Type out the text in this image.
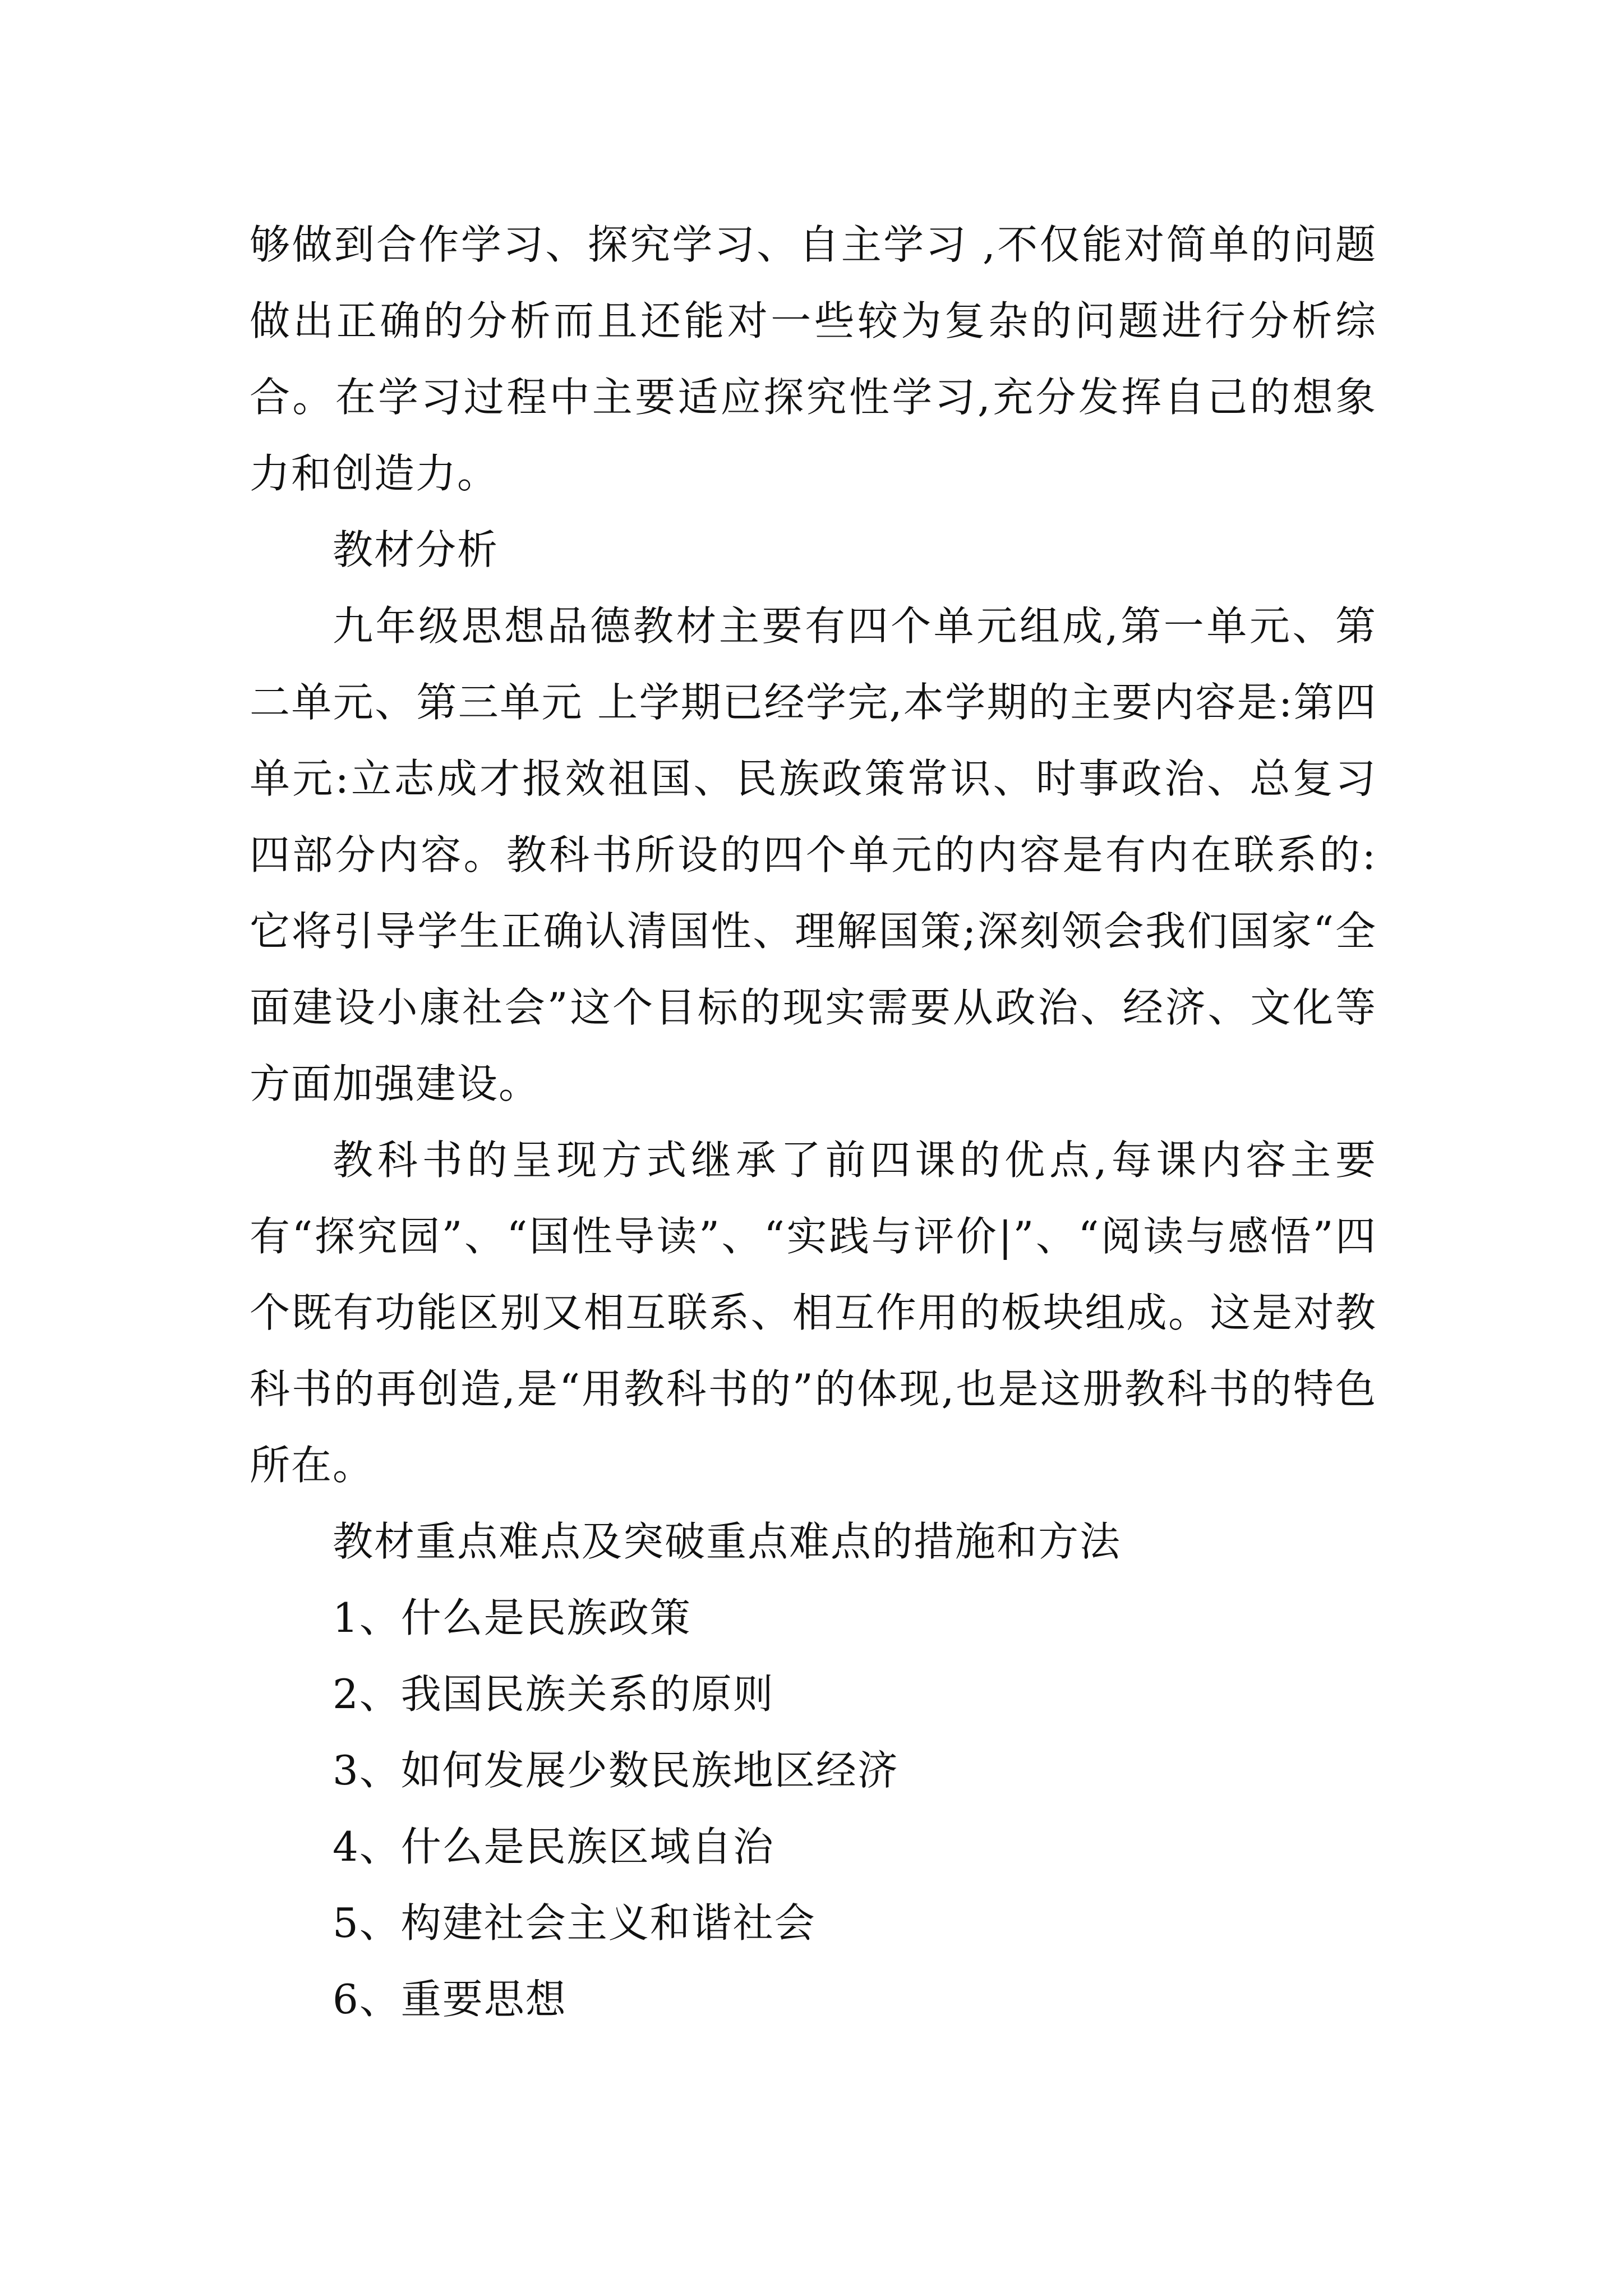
够做到合作学习、探究学习、自主学习 ,不仅能对简单的问题做出正确的分析而且还能对一些较为复杂的问题进行分析综合。在学习过程中主要适应探究性学习,充分发挥自己的想象力和创造力。

教材分析

九年级思想品德教材主要有四个单元组成,第一单元、第二单元、第三单元 上学期已经学完,本学期的主要内容是:第四单元:立志成才报效祖国、民族政策常识、时事政治、总复习四部分内容。教科书所设的四个单元的内容是有内在联系的:它将引导学生正确认清国性、理解国策;深刻领会我们国家“全面建设小康社会”这个目标的现实需要从政治、经济、文化等方面加强建设。

教科书的呈现方式继承了前四课的优点,每课内容主要有“探究园”、“国性导读”、“实践与评价|”、“阅读与感悟”四个既有功能区别又相互联系、相互作用的板块组成。这是对教科书的再创造,是“用教科书的”的体现,也是这册教科书的特色所在。

教材重点难点及突破重点难点的措施和方法

1、什么是民族政策

2、我国民族关系的原则

3、如何发展少数民族地区经济

4、什么是民族区域自治

5、构建社会主义和谐社会

6、重要思想
